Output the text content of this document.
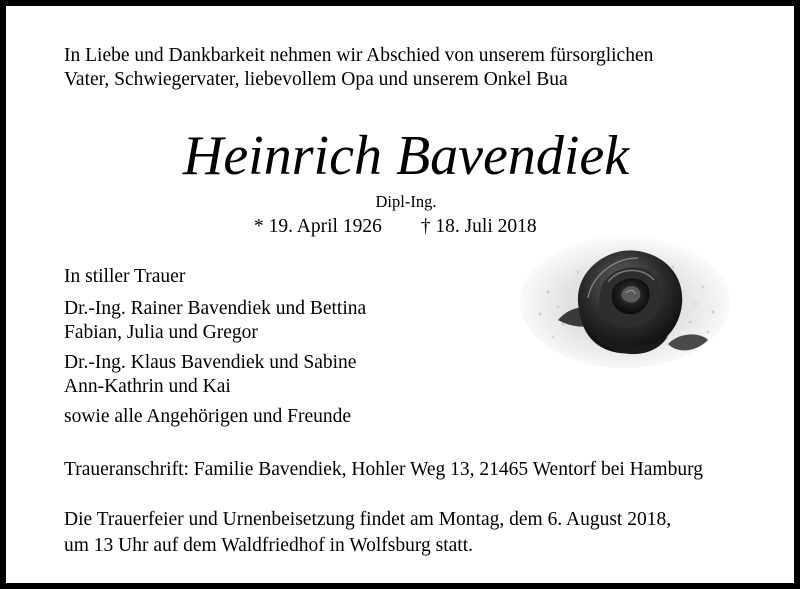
In Liebe und Dankbarkeit nehmen wir Abschied von unserem fürsorglichen
Vater, Schwiegervater, liebevollem Opa und unserem Onkel Bua
Heinrich Bavendiek
Dipl-Ing.
* 19. April 1926 † 18. Juli 2018
In stiller Trauer
Dr.-Ing. Rainer Bavendiek und Bettina
Fabian, Julia und Gregor
Dr.-Ing. Klaus Bavendiek und Sabine
Ann-Kathrin und Kai
sowie alle Angehörigen und Freunde
Traueranschrift: Familie Bavendiek, Hohler Weg 13, 21465 Wentorf bei Hamburg
Die Trauerfeier und Urnenbeisetzung findet am Montag, dem 6. August 2018,
um 13 Uhr auf dem Waldfriedhof in Wolfsburg statt.
